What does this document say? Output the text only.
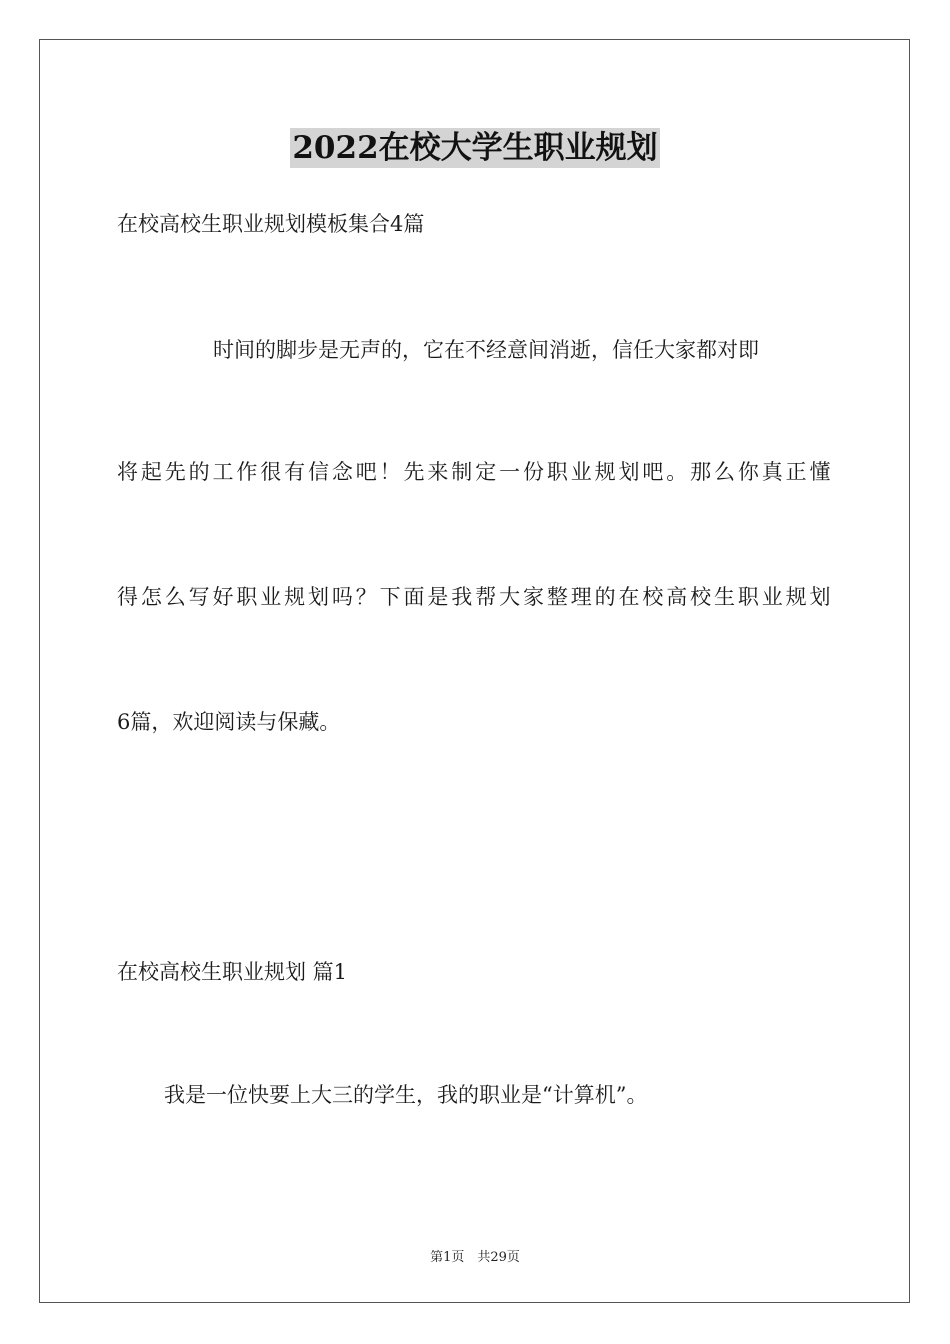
2022在校大学生职业规划
在校高校生职业规划模板集合4篇
时间的脚步是无声的，它在不经意间消逝，信任大家都对即
将起先的工作很有信念吧！先来制定一份职业规划吧。那么你真正懂
得怎么写好职业规划吗？下面是我帮大家整理的在校高校生职业规划
6篇，欢迎阅读与保藏。
在校高校生职业规划 篇1
我是一位快要上大三的学生，我的职业是“计算机”。
第1页　共29页
